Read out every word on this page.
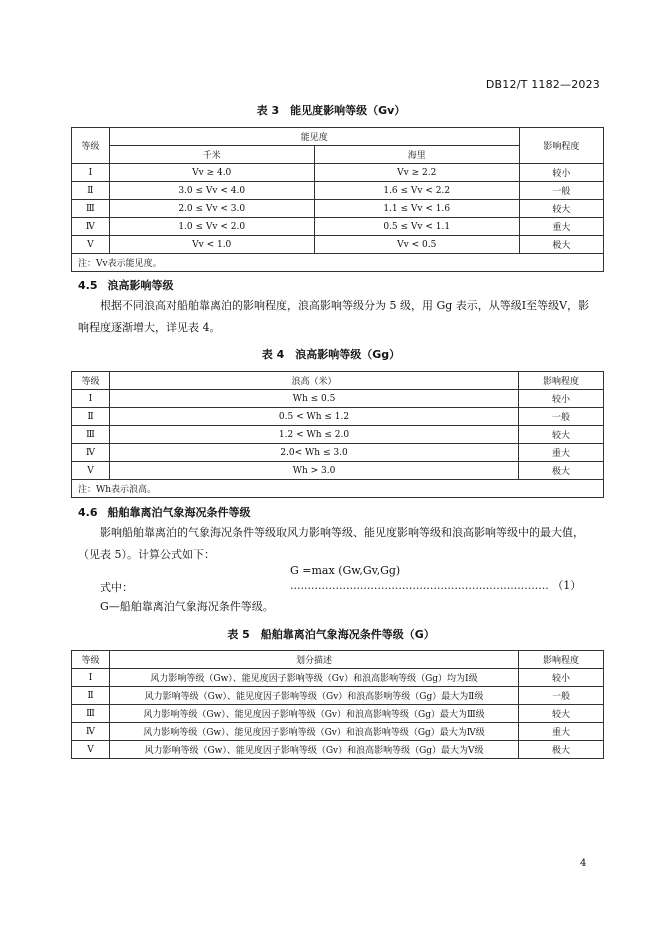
DB12/T 1182—2023
表 3　能见度影响等级（Gv）
等级	能见度		影响程度
	千米	海里	
Ⅰ	Vv ≥ 4.0	Vv ≥ 2.2	较小
Ⅱ	3.0 ≤ Vv < 4.0	1.6 ≤ Vv < 2.2	一般
Ⅲ	2.0 ≤ Vv < 3.0	1.1 ≤ Vv < 1.6	较大
Ⅳ	1.0 ≤ Vv < 2.0	0.5 ≤ Vv < 1.1	重大
Ⅴ	Vv < 1.0	Vv < 0.5	极大
注：Vv表示能见度。			
4.5 浪高影响等级
根据不同浪高对船舶靠离泊的影响程度，浪高影响等级分为 5 级，用 Gg 表示，从等级Ⅰ至等级Ⅴ，影响程度逐渐增大，详见表 4。
表 4　浪高影响等级（Gg）
等级	浪高（米）	影响程度
Ⅰ	Wh ≤ 0.5	较小
Ⅱ	0.5 < Wh ≤ 1.2	一般
Ⅲ	1.2 < Wh ≤ 2.0	较大
Ⅳ	2.0< Wh ≤ 3.0	重大
Ⅴ	Wh > 3.0	极大
注：Wh表示浪高。		
4.6 船舶靠离泊气象海况条件等级
影响船舶靠离泊的气象海况条件等级取风力影响等级、能见度影响等级和浪高影响等级中的最大值，（见表 5）。计算公式如下：
G =max (Gw,Gv,Gg) .......................................................................... （1）
式中：
G—船舶靠离泊气象海况条件等级。
表 5　船舶靠离泊气象海况条件等级（G）
等级	划分描述	影响程度
Ⅰ	风力影响等级（Gw）、能见度因子影响等级（Gv）和浪高影响等级（Gg）均为Ⅰ级	较小
Ⅱ	风力影响等级（Gw）、能见度因子影响等级（Gv）和浪高影响等级（Gg）最大为Ⅱ级	一般
Ⅲ	风力影响等级（Gw）、能见度因子影响等级（Gv）和浪高影响等级（Gg）最大为Ⅲ级	较大
Ⅳ	风力影响等级（Gw）、能见度因子影响等级（Gv）和浪高影响等级（Gg）最大为Ⅳ级	重大
Ⅴ	风力影响等级（Gw）、能见度因子影响等级（Gv）和浪高影响等级（Gg）最大为Ⅴ级	极大
4
